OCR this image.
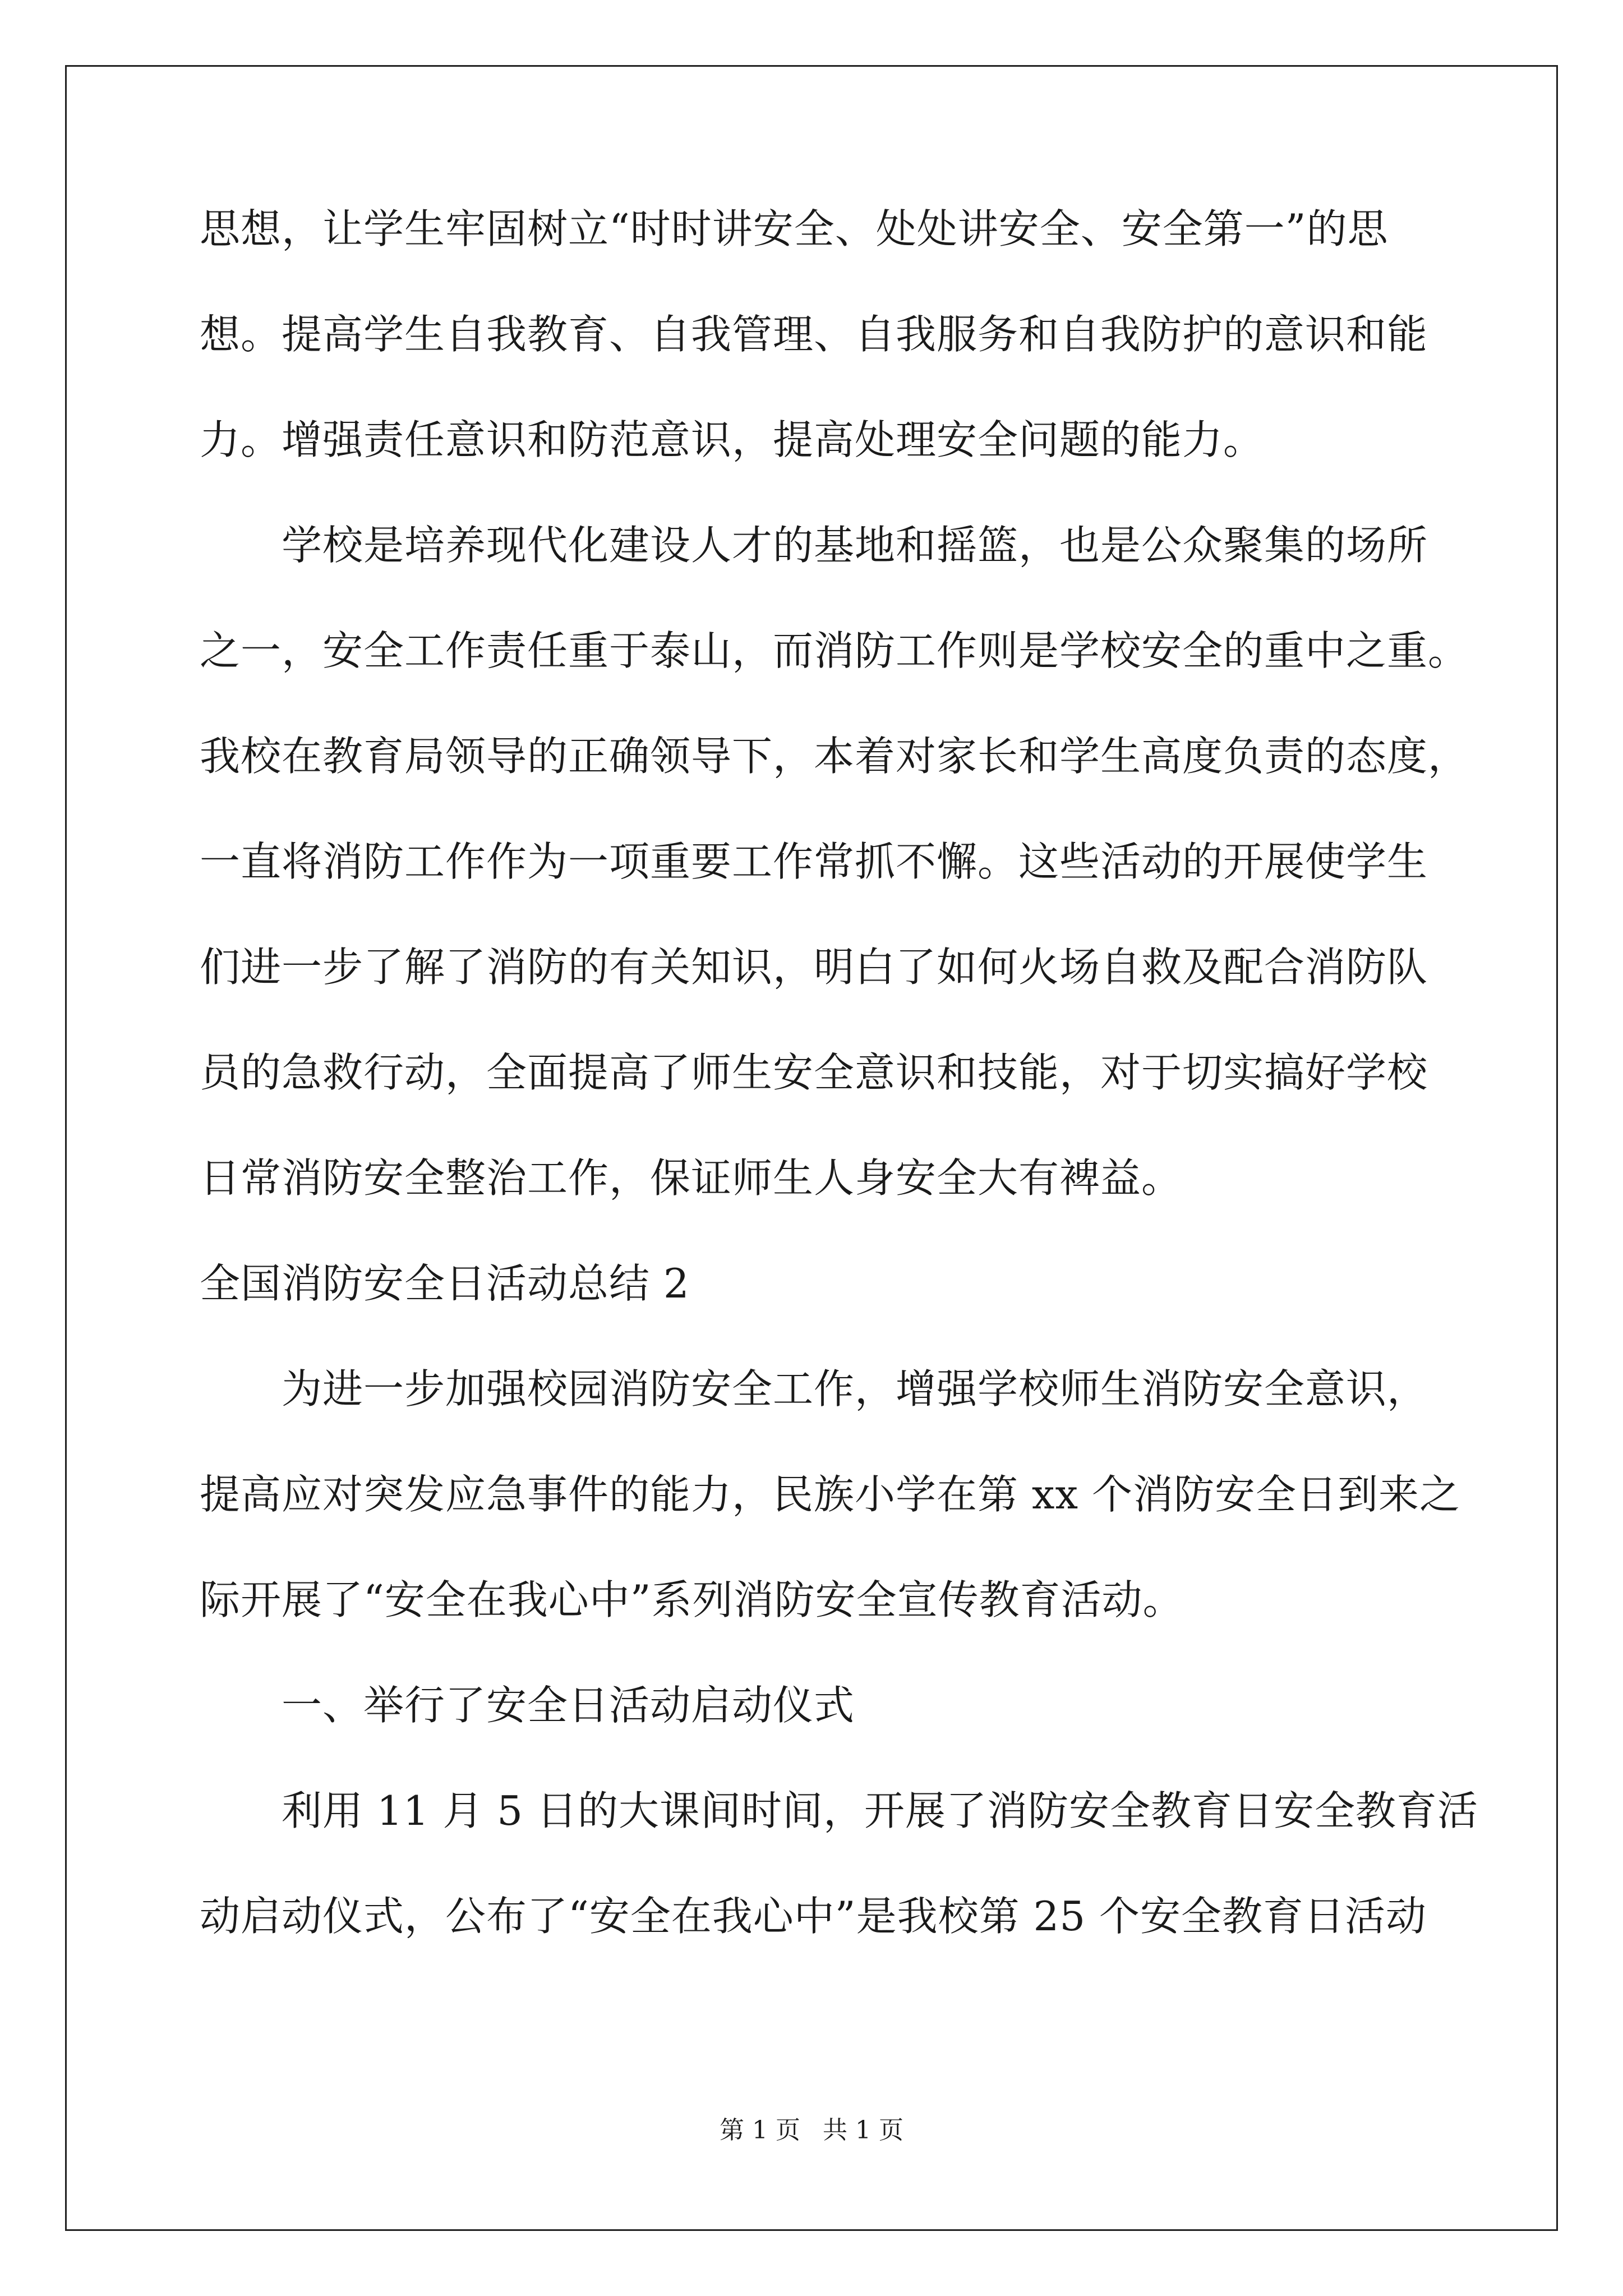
思想，让学生牢固树立“时时讲安全、处处讲安全、安全第一”的思
想。提高学生自我教育、自我管理、自我服务和自我防护的意识和能
力。增强责任意识和防范意识，提高处理安全问题的能力。
学校是培养现代化建设人才的基地和摇篮，也是公众聚集的场所
之一，安全工作责任重于泰山，而消防工作则是学校安全的重中之重。
我校在教育局领导的正确领导下，本着对家长和学生高度负责的态度，
一直将消防工作作为一项重要工作常抓不懈。这些活动的开展使学生
们进一步了解了消防的有关知识，明白了如何火场自救及配合消防队
员的急救行动，全面提高了师生安全意识和技能，对于切实搞好学校
日常消防安全整治工作，保证师生人身安全大有裨益。
全国消防安全日活动总结 2
为进一步加强校园消防安全工作，增强学校师生消防安全意识，
提高应对突发应急事件的能力，民族小学在第 xx 个消防安全日到来之
际开展了“安全在我心中”系列消防安全宣传教育活动。
一、举行了安全日活动启动仪式
利用 11 月 5 日的大课间时间，开展了消防安全教育日安全教育活
动启动仪式，公布了“安全在我心中”是我校第 25 个安全教育日活动
第 1 页 共 1 页
